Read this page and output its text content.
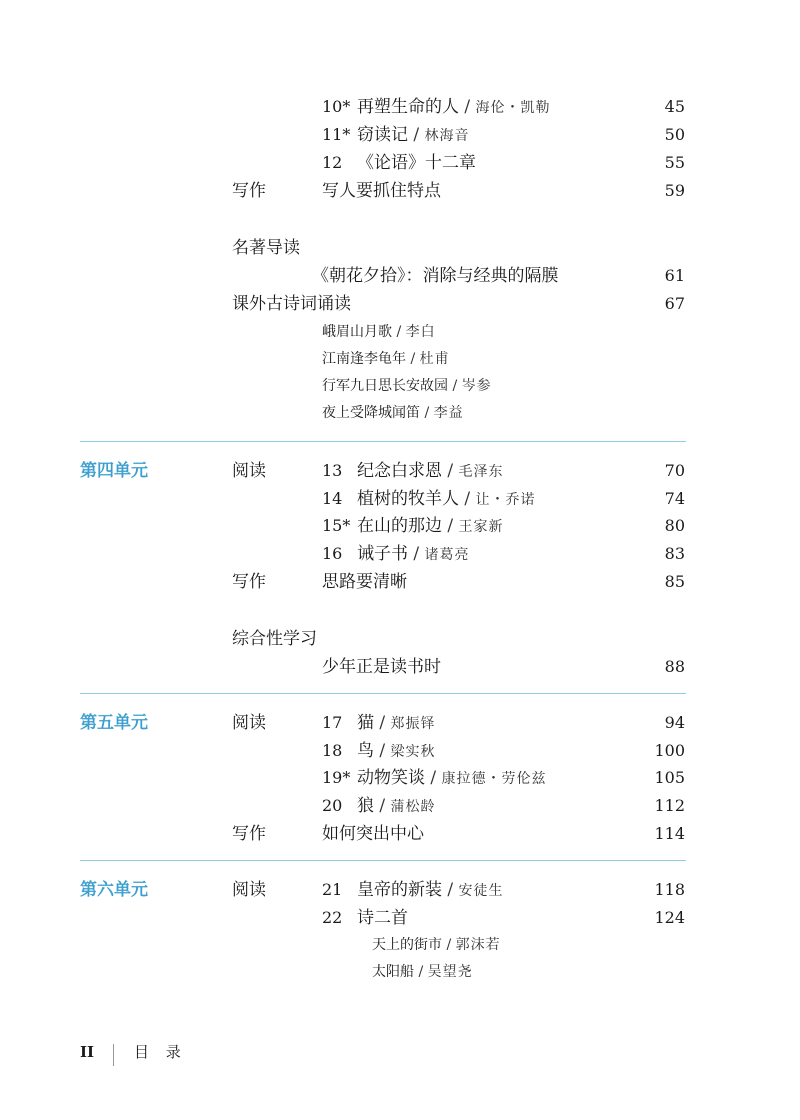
10* 再塑生命的人 / 海伦・凯勒	45
11* 窃读记 / 林海音	50
12 《论语》十二章	55
写作	写人要抓住特点	59
名著导读
《朝花夕拾》：消除与经典的隔膜	61
课外古诗词诵读	67
峨眉山月歌 / 李白
江南逢李龟年 / 杜甫
行军九日思长安故园 / 岑参
夜上受降城闻笛 / 李益
第四单元	阅读	13 纪念白求恩 / 毛泽东	70
14 植树的牧羊人 / 让・乔诺	74
15* 在山的那边 / 王家新	80
16 诫子书 / 诸葛亮	83
写作	思路要清晰	85
综合性学习
少年正是读书时	88
第五单元	阅读	17 猫 / 郑振铎	94
18 鸟 / 梁实秋	100
19* 动物笑谈 / 康拉德・劳伦兹	105
20 狼 / 蒲松龄	112
写作	如何突出中心	114
第六单元	阅读	21 皇帝的新装 / 安徒生	118
22 诗二首	124
天上的街市 / 郭沫若
太阳船 / 吴望尧
II	目 录
